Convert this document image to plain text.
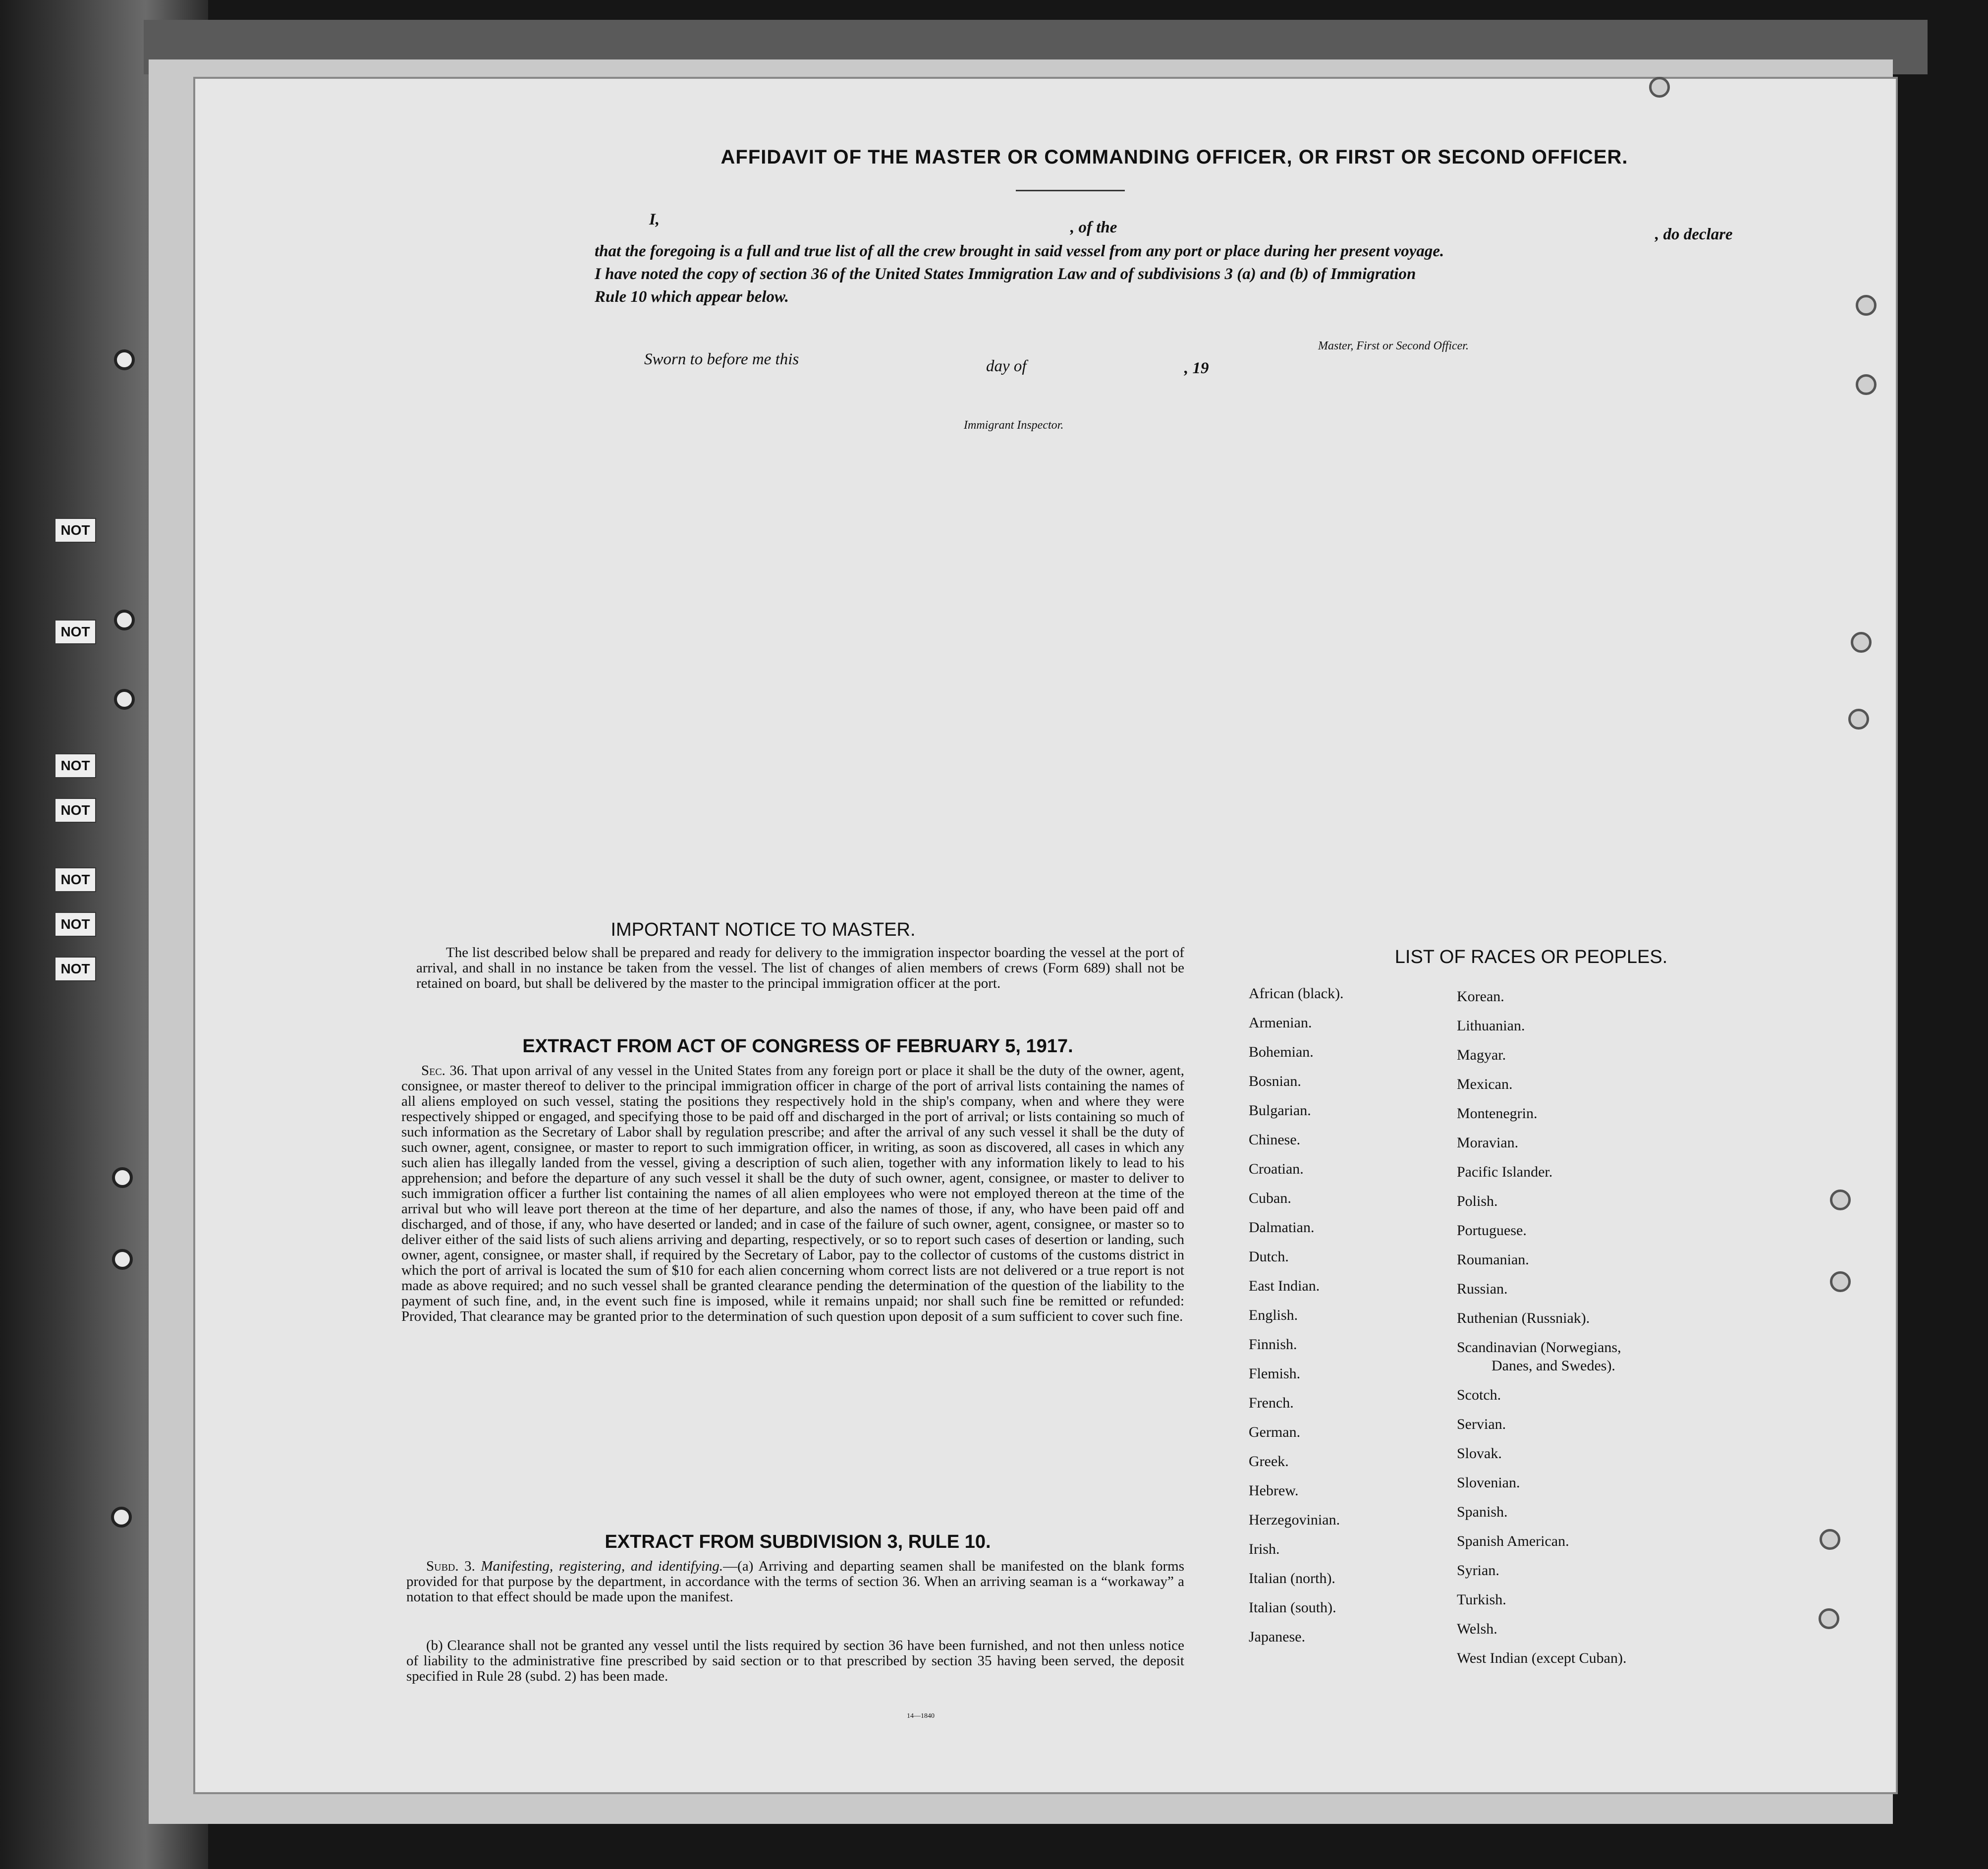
NOT
NOT
NOT
NOT
NOT
NOT
NOT
AFFIDAVIT OF THE MASTER OR COMMANDING OFFICER, OR FIRST OR SECOND OFFICER.
I,	, of the	, do declare
that the foregoing is a full and true list of all the crew brought in said vessel from any port or place during her present voyage.
I have noted the copy of section 36 of the United States Immigration Law and of subdivisions 3 (a) and (b) of Immigration
Rule 10 which appear below.
Master, First or Second Officer.
Sworn to before me this	day of	, 19
Immigrant Inspector.
IMPORTANT NOTICE TO MASTER.
The list described below shall be prepared and ready for delivery to the immigration inspector boarding the vessel at the port of arrival, and shall in no instance be taken from the vessel. The list of changes of alien members of crews (Form 689) shall not be retained on board, but shall be delivered by the master to the principal immigration officer at the port.
EXTRACT FROM ACT OF CONGRESS OF FEBRUARY 5, 1917.
Sec. 36. That upon arrival of any vessel in the United States from any foreign port or place it shall be the duty of the owner, agent, consignee, or master thereof to deliver to the principal immigration officer in charge of the port of arrival lists containing the names of all aliens employed on such vessel, stating the positions they respectively hold in the ship's company, when and where they were respectively shipped or engaged, and specifying those to be paid off and discharged in the port of arrival; or lists containing so much of such information as the Secretary of Labor shall by regulation prescribe; and after the arrival of any such vessel it shall be the duty of such owner, agent, consignee, or master to report to such immigration officer, in writing, as soon as discovered, all cases in which any such alien has illegally landed from the vessel, giving a description of such alien, together with any information likely to lead to his apprehension; and before the departure of any such vessel it shall be the duty of such owner, agent, consignee, or master to deliver to such immigration officer a further list containing the names of all alien employees who were not employed thereon at the time of the arrival but who will leave port thereon at the time of her departure, and also the names of those, if any, who have been paid off and discharged, and of those, if any, who have deserted or landed; and in case of the failure of such owner, agent, consignee, or master so to deliver either of the said lists of such aliens arriving and departing, respectively, or so to report such cases of desertion or landing, such owner, agent, consignee, or master shall, if required by the Secretary of Labor, pay to the collector of customs of the customs district in which the port of arrival is located the sum of $10 for each alien concerning whom correct lists are not delivered or a true report is not made as above required; and no such vessel shall be granted clearance pending the determination of the question of the liability to the payment of such fine, and, in the event such fine is imposed, while it remains unpaid; nor shall such fine be remitted or refunded: Provided, That clearance may be granted prior to the determination of such question upon deposit of a sum sufficient to cover such fine.
EXTRACT FROM SUBDIVISION 3, RULE 10.
Subd. 3. Manifesting, registering, and identifying.—(a) Arriving and departing seamen shall be manifested on the blank forms provided for that purpose by the department, in accordance with the terms of section 36. When an arriving seaman is a “workaway” a notation to that effect should be made upon the manifest.
(b) Clearance shall not be granted any vessel until the lists required by section 36 have been furnished, and not then unless notice of liability to the administrative fine prescribed by said section or to that prescribed by section 35 having been served, the deposit specified in Rule 28 (subd. 2) has been made.
14—1840
LIST OF RACES OR PEOPLES.
African (black).
Armenian.
Bohemian.
Bosnian.
Bulgarian.
Chinese.
Croatian.
Cuban.
Dalmatian.
Dutch.
East Indian.
English.
Finnish.
Flemish.
French.
German.
Greek.
Hebrew.
Herzegovinian.
Irish.
Italian (north).
Italian (south).
Japanese.
Korean.
Lithuanian.
Magyar.
Mexican.
Montenegrin.
Moravian.
Pacific Islander.
Polish.
Portuguese.
Roumanian.
Russian.
Ruthenian (Russniak).
Scandinavian (Norwegians,
Danes, and Swedes).
Scotch.
Servian.
Slovak.
Slovenian.
Spanish.
Spanish American.
Syrian.
Turkish.
Welsh.
West Indian (except Cuban).
